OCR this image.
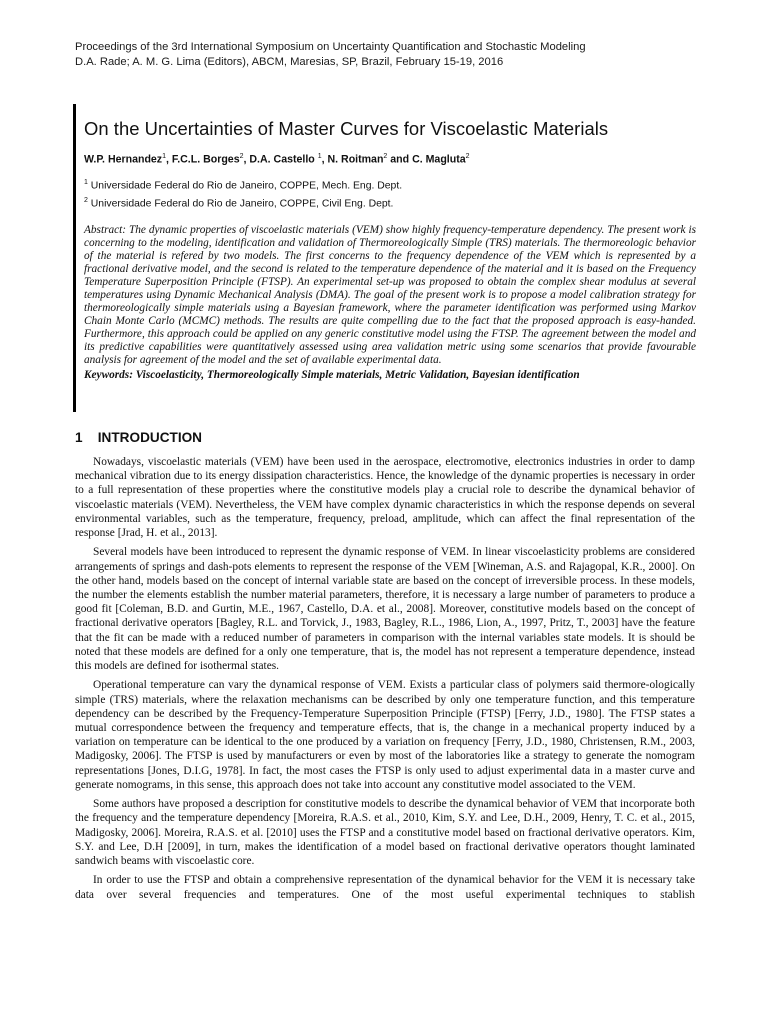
Proceedings of the 3rd International Symposium on Uncertainty Quantification and Stochastic Modeling
D.A. Rade; A. M. G. Lima (Editors), ABCM, Maresias, SP, Brazil, February 15-19, 2016
On the Uncertainties of Master Curves for Viscoelastic Materials
W.P. Hernandez$^1$, F.C.L. Borges$^2$, D.A. Castello $^1$, N. Roitman$^2$ and C. Magluta$^2$
$^1$ Universidade Federal do Rio de Janeiro, COPPE, Mech. Eng. Dept.
$^2$ Universidade Federal do Rio de Janeiro, COPPE, Civil Eng. Dept.
Abstract: The dynamic properties of viscoelastic materials (VEM) show highly frequency-temperature dependency. The present work is concerning to the modeling, identification and validation of Thermoreologically Simple (TRS) materials. The thermoreologic behavior of the material is refered by two models. The first concerns to the frequency dependence of the VEM which is represented by a fractional derivative model, and the second is related to the temperature dependence of the material and it is based on the Frequency Temperature Superposition Principle (FTSP). An experimental set-up was proposed to obtain the complex shear modulus at several temperatures using Dynamic Mechanical Analysis (DMA). The goal of the present work is to propose a model calibration strategy for thermoreologically simple materials using a Bayesian framework, where the parameter identification was performed using Markov Chain Monte Carlo (MCMC) methods. The results are quite compelling due to the fact that the proposed approach is easy-handed. Furthermore, this approach could be applied on any generic constitutive model using the FTSP. The agreement between the model and its predictive capabilities were quantitatively assessed using area validation metric using some scenarios that provide favourable analysis for agreement of the model and the set of available experimental data.
Keywords: Viscoelasticity, Thermoreologically Simple materials, Metric Validation, Bayesian identification
1 INTRODUCTION

Nowadays, viscoelastic materials (VEM) have been used in the aerospace, electromotive, electronics industries in order to damp mechanical vibration due to its energy dissipation characteristics. Hence, the knowledge of the dynamic properties is necessary in order to a full representation of these properties where the constitutive models play a crucial role to describe the dynamical behavior of viscoelastic materials (VEM). Nevertheless, the VEM have complex dynamic characteristics in which the response depends on several environmental variables, such as the temperature, frequency, preload, amplitude, which can affect the final representation of the response [Jrad, H. et al., 2013].

Several models have been introduced to represent the dynamic response of VEM. In linear viscoelasticity problems are considered arrangements of springs and dash-pots elements to represent the response of the VEM [Wineman, A.S. and Rajagopal, K.R., 2000]. On the other hand, models based on the concept of internal variable state are based on the concept of irreversible process. In these models, the number the elements establish the number material parameters, therefore, it is necessary a large number of parameters to produce a good fit [Coleman, B.D. and Gurtin, M.E., 1967, Castello, D.A. et al., 2008]. Moreover, constitutive models based on the concept of fractional derivative operators [Bagley, R.L. and Torvick, J., 1983, Bagley, R.L., 1986, Lion, A., 1997, Pritz, T., 2003] have the feature that the fit can be made with a reduced number of parameters in comparison with the internal variables state models. It is should be noted that these models are defined for a only one temperature, that is, the model has not represent a temperature dependence, instead this models are defined for isothermal states.

Operational temperature can vary the dynamical response of VEM. Exists a particular class of polymers said thermore-ologically simple (TRS) materials, where the relaxation mechanisms can be described by only one temperature function, and this temperature dependency can be described by the Frequency-Temperature Superposition Principle (FTSP) [Ferry, J.D., 1980]. The FTSP states a mutual correspondence between the frequency and temperature effects, that is, the change in a mechanical property induced by a variation on temperature can be identical to the one produced by a variation on frequency [Ferry, J.D., 1980, Christensen, R.M., 2003, Madigosky, 2006]. The FTSP is used by manufacturers or even by most of the laboratories like a strategy to generate the nomogram representations [Jones, D.I.G, 1978]. In fact, the most cases the FTSP is only used to adjust experimental data in a master curve and generate nomograms, in this sense, this approach does not take into account any constitutive model associated to the VEM.

Some authors have proposed a description for constitutive models to describe the dynamical behavior of VEM that incorporate both the frequency and the temperature dependency [Moreira, R.A.S. et al., 2010, Kim, S.Y. and Lee, D.H., 2009, Henry, T. C. et al., 2015, Madigosky, 2006]. Moreira, R.A.S. et al. [2010] uses the FTSP and a constitutive model based on fractional derivative operators. Kim, S.Y. and Lee, D.H [2009], in turn, makes the identification of a model based on fractional derivative operators thought laminated sandwich beams with viscoelastic core.

In order to use the FTSP and obtain a comprehensive representation of the dynamical behavior for the VEM it is necessary take data over several frequencies and temperatures. One of the most useful experimental techniques to stablish
